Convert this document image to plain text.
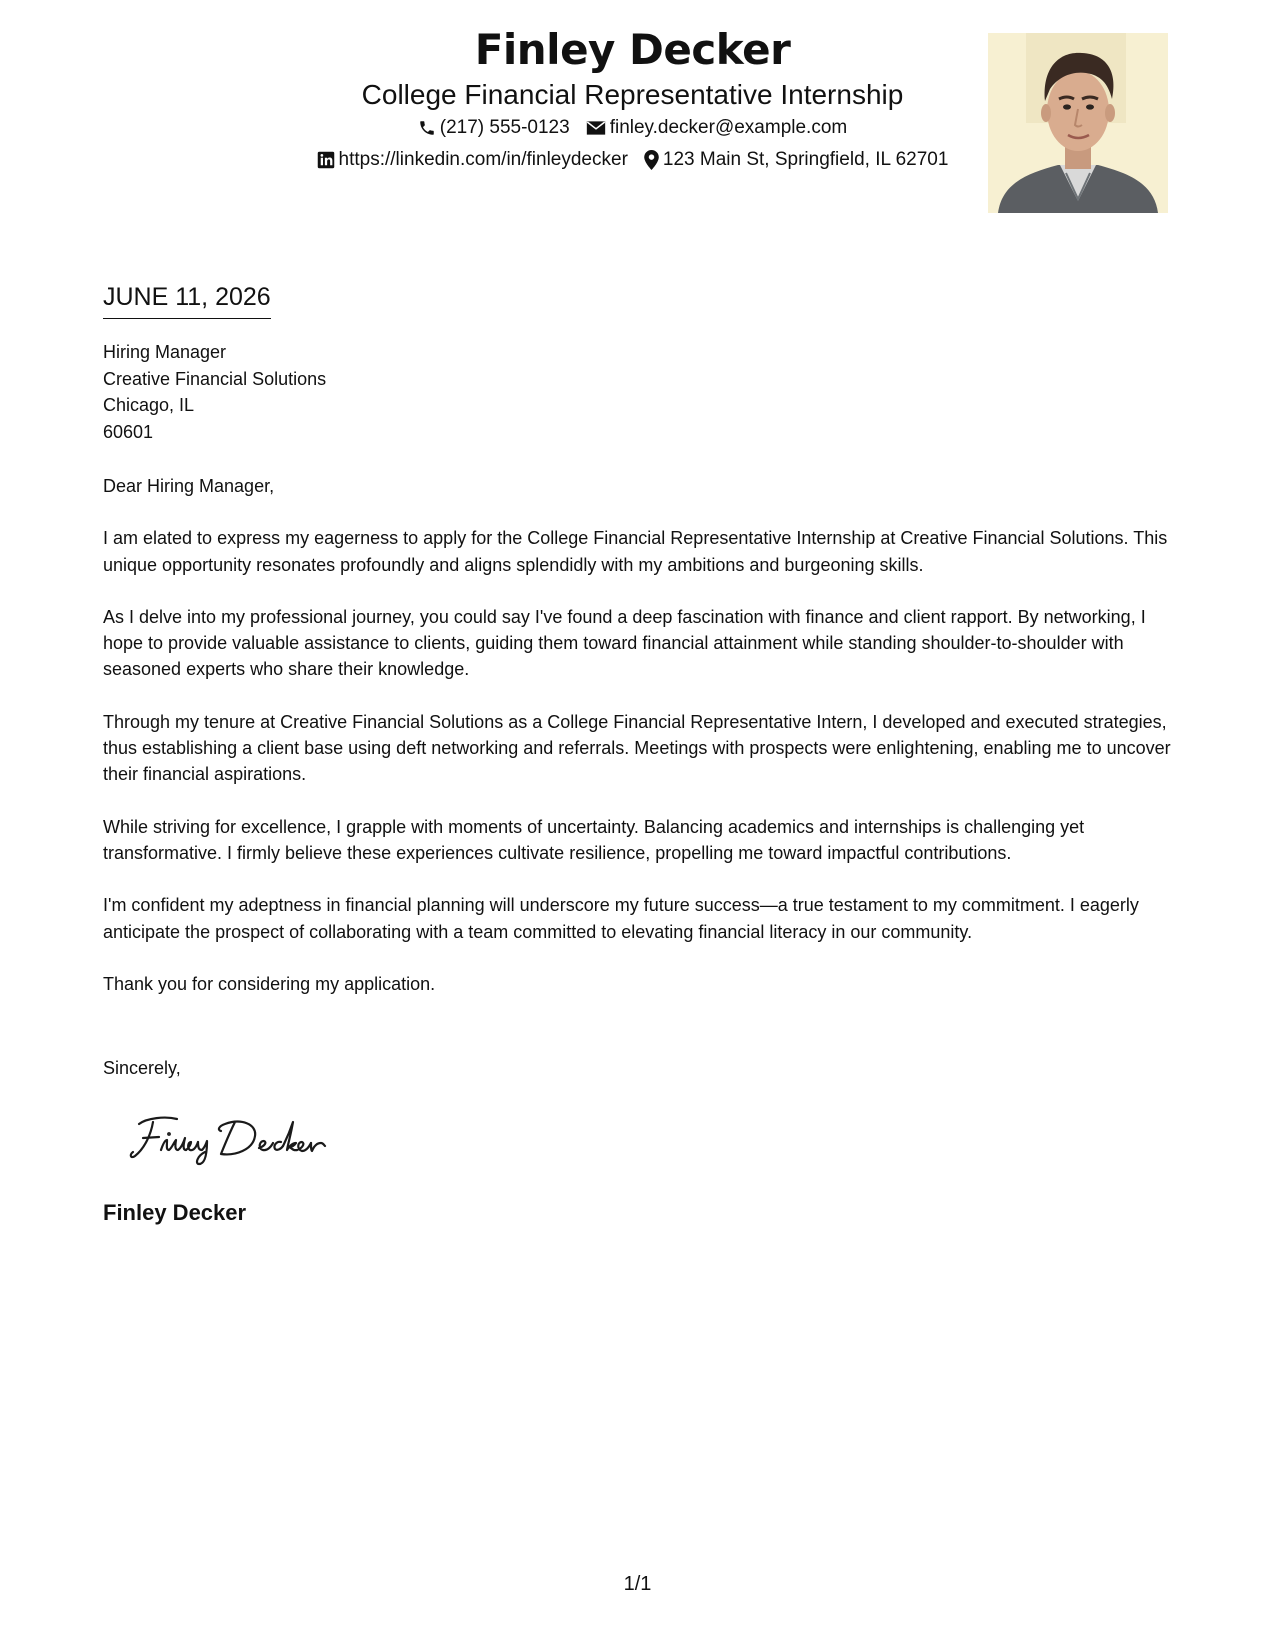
Finley Decker
College Financial Representative Internship
(217) 555-0123 finley.decker@example.com
https://linkedin.com/in/finleydecker 123 Main St, Springfield, IL 62701
JUNE 11, 2026
Hiring Manager
Creative Financial Solutions
Chicago, IL
60601

Dear Hiring Manager,

I am elated to express my eagerness to apply for the College Financial Representative Internship at Creative Financial Solutions. This unique opportunity resonates profoundly and aligns splendidly with my ambitions and burgeoning skills.

As I delve into my professional journey, you could say I've found a deep fascination with finance and client rapport. By networking, I hope to provide valuable assistance to clients, guiding them toward financial attainment while standing shoulder-to-shoulder with seasoned experts who share their knowledge.

Through my tenure at Creative Financial Solutions as a College Financial Representative Intern, I developed and executed strategies, thus establishing a client base using deft networking and referrals. Meetings with prospects were enlightening, enabling me to uncover their financial aspirations.

While striving for excellence, I grapple with moments of uncertainty. Balancing academics and internships is challenging yet transformative. I firmly believe these experiences cultivate resilience, propelling me toward impactful contributions.

I'm confident my adeptness in financial planning will underscore my future success—a true testament to my commitment. I eagerly anticipate the prospect of collaborating with a team committed to elevating financial literacy in our community.

Thank you for considering my application.

Sincerely,
Finley Decker
1/1
